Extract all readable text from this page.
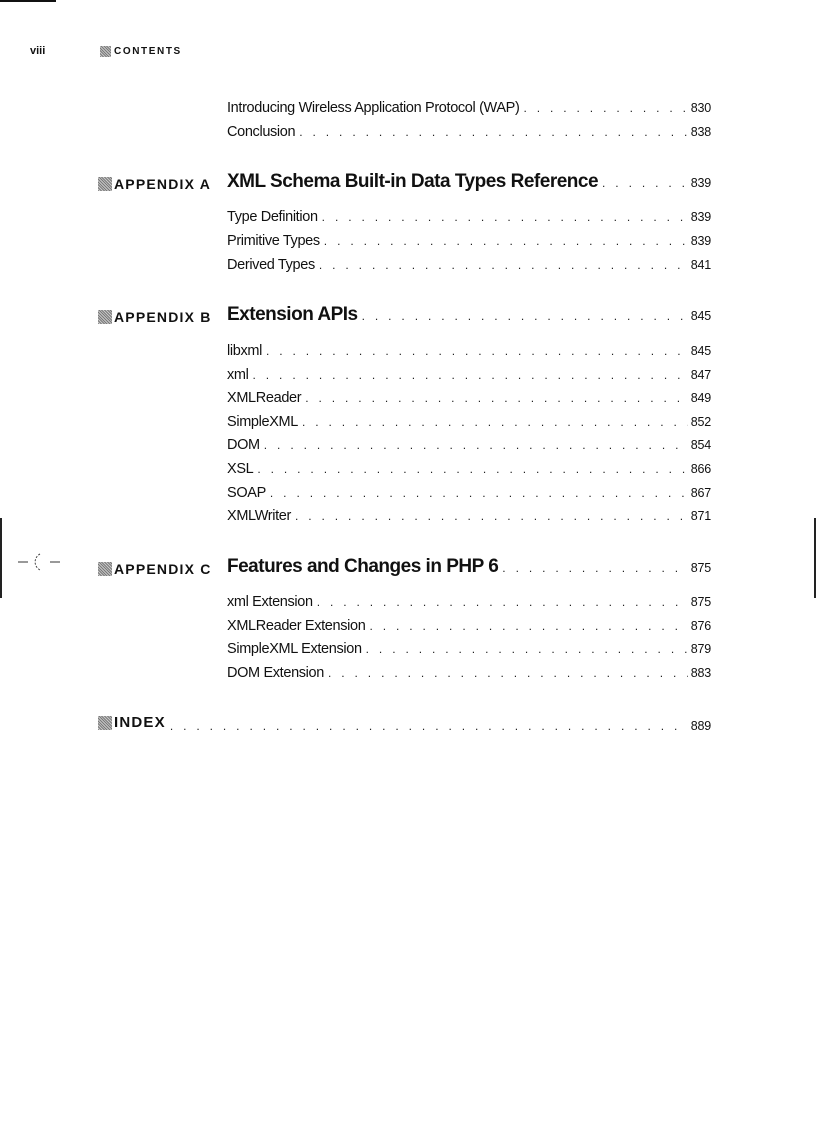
viii	CONTENTS
Introducing Wireless Application Protocol (WAP) . . .	830
Conclusion . . .	838
APPENDIX A XML Schema Built-in Data Types Reference . . .	839
Type Definition . . .	839
Primitive Types . . .	839
Derived Types . . .	841
APPENDIX B Extension APIs . . .	845
libxml . . .	845
xml . . .	847
XMLReader . . .	849
SimpleXML . . .	852
DOM . . .	854
XSL . . .	866
SOAP . . .	867
XMLWriter . . .	871
APPENDIX C Features and Changes in PHP 6 . . .	875
xml Extension . . .	875
XMLReader Extension . . .	876
SimpleXML Extension . . .	879
DOM Extension . . .	883
INDEX . . .	889
